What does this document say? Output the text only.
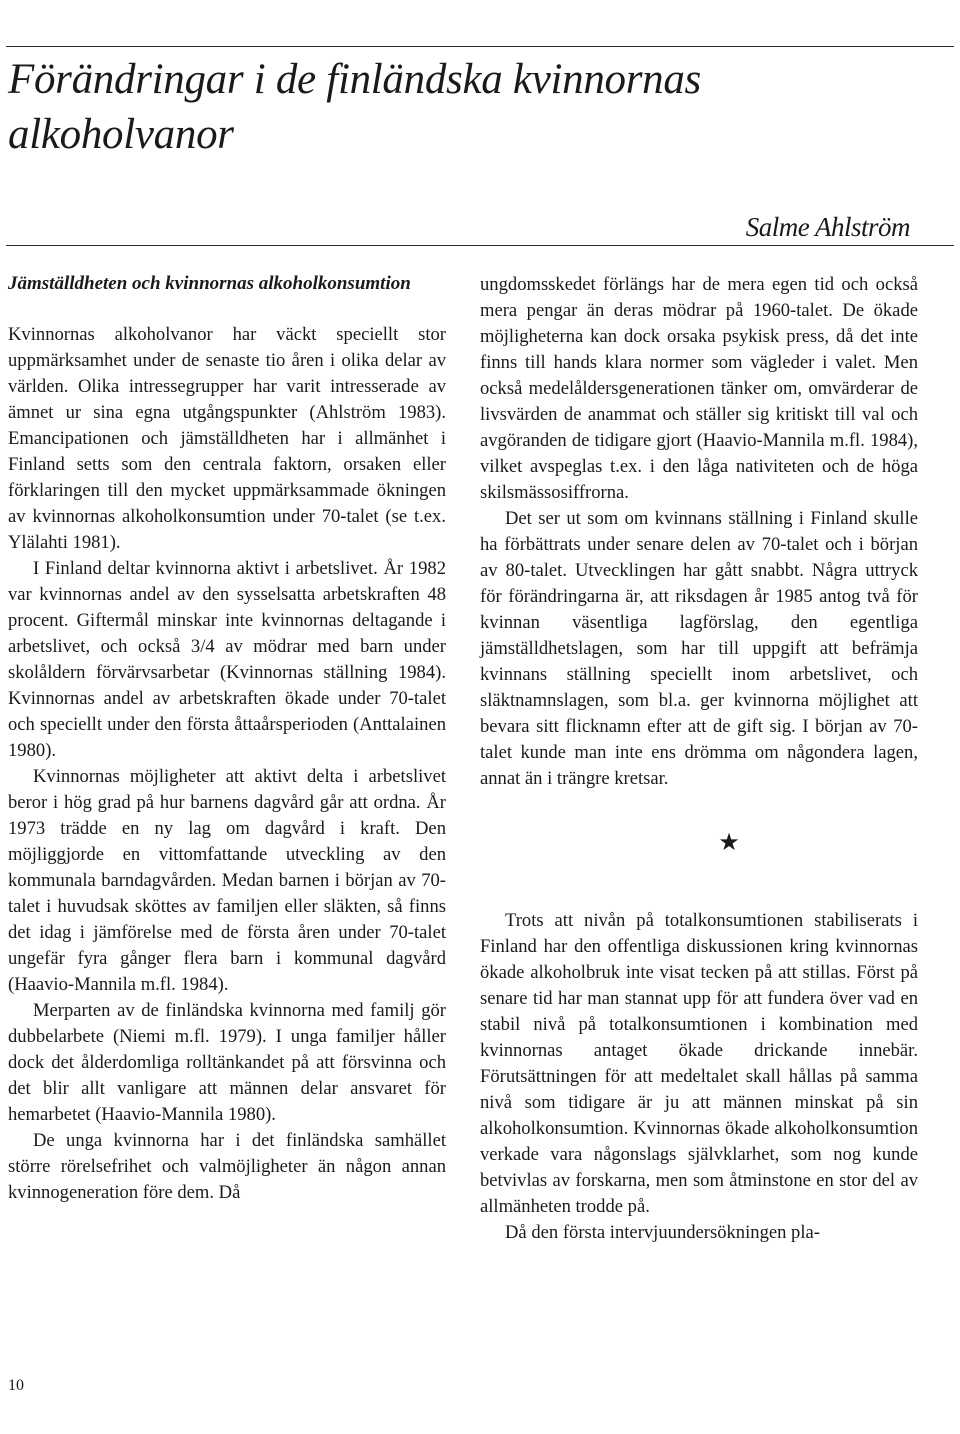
Förändringar i de finländska kvinnornas alkoholvanor
Salme Ahlström
Jämställdheten och kvinnornas alkoholkonsumtion

Kvinnornas alkoholvanor har väckt speciellt stor uppmärksamhet under de senaste tio åren i olika delar av världen. Olika intressegrupper har varit intresserade av ämnet ur sina egna utgångspunkter (Ahlström 1983). Emancipationen och jämställdheten har i allmänhet i Finland setts som den centrala faktorn, orsaken eller förklaringen till den mycket uppmärksammade ökningen av kvinnornas alkoholkonsumtion under 70-talet (se t.ex. Ylälahti 1981).

I Finland deltar kvinnorna aktivt i arbetslivet. År 1982 var kvinnornas andel av den sysselsatta arbetskraften 48 procent. Giftermål minskar inte kvinnornas deltagande i arbetslivet, och också 3/4 av mödrar med barn under skolåldern förvärvsarbetar (Kvinnornas ställning 1984). Kvinnornas andel av arbetskraften ökade under 70-talet och speciellt under den första åttaårsperioden (Anttalainen 1980).

Kvinnornas möjligheter att aktivt delta i arbetslivet beror i hög grad på hur barnens dagvård går att ordna. År 1973 trädde en ny lag om dagvård i kraft. Den möjliggjorde en vittomfattande utveckling av den kommunala barndagvården. Medan barnen i början av 70-talet i huvudsak sköttes av familjen eller släkten, så finns det idag i jämförelse med de första åren under 70-talet ungefär fyra gånger flera barn i kommunal dagvård (Haavio-Mannila m.fl. 1984).

Merparten av de finländska kvinnorna med familj gör dubbelarbete (Niemi m.fl. 1979). I unga familjer håller dock det ålderdomliga rolltänkandet på att försvinna och det blir allt vanligare att männen delar ansvaret för hemarbetet (Haavio-Mannila 1980).

De unga kvinnorna har i det finländska samhället större rörelsefrihet och valmöjligheter än någon annan kvinnogeneration före dem. Då

ungdomsskedet förlängs har de mera egen tid och också mera pengar än deras mödrar på 1960-talet. De ökade möjligheterna kan dock orsaka psykisk press, då det inte finns till hands klara normer som vägleder i valet. Men också medelåldersgenerationen tänker om, omvärderar de livsvärden de anammat och ställer sig kritiskt till val och avgöranden de tidigare gjort (Haavio-Mannila m.fl. 1984), vilket avspeglas t.ex. i den låga nativiteten och de höga skilsmässosiffrorna.

Det ser ut som om kvinnans ställning i Finland skulle ha förbättrats under senare delen av 70-talet och i början av 80-talet. Utvecklingen har gått snabbt. Några uttryck för förändringarna är, att riksdagen år 1985 antog två för kvinnan väsentliga lagförslag, den egentliga jämställdhetslagen, som har till uppgift att befrämja kvinnans ställning speciellt inom arbetslivet, och släktnamnslagen, som bl.a. ger kvinnorna möjlighet att bevara sitt flicknamn efter att de gift sig. I början av 70-talet kunde man inte ens drömma om någondera lagen, annat än i trängre kretsar.

★

Trots att nivån på totalkonsumtionen stabiliserats i Finland har den offentliga diskussionen kring kvinnornas ökade alkoholbruk inte visat tecken på att stillas. Först på senare tid har man stannat upp för att fundera över vad en stabil nivå på totalkonsumtionen i kombination med kvinnornas antaget ökade drickande innebär. Förutsättningen för att medeltalet skall hållas på samma nivå som tidigare är ju att männen minskat på sin alkoholkonsumtion. Kvinnornas ökade alkoholkonsumtion verkade vara någonslags självklarhet, som nog kunde betvivlas av forskarna, men som åtminstone en stor del av allmänheten trodde på.

Då den första intervjuundersökningen pla-

10
